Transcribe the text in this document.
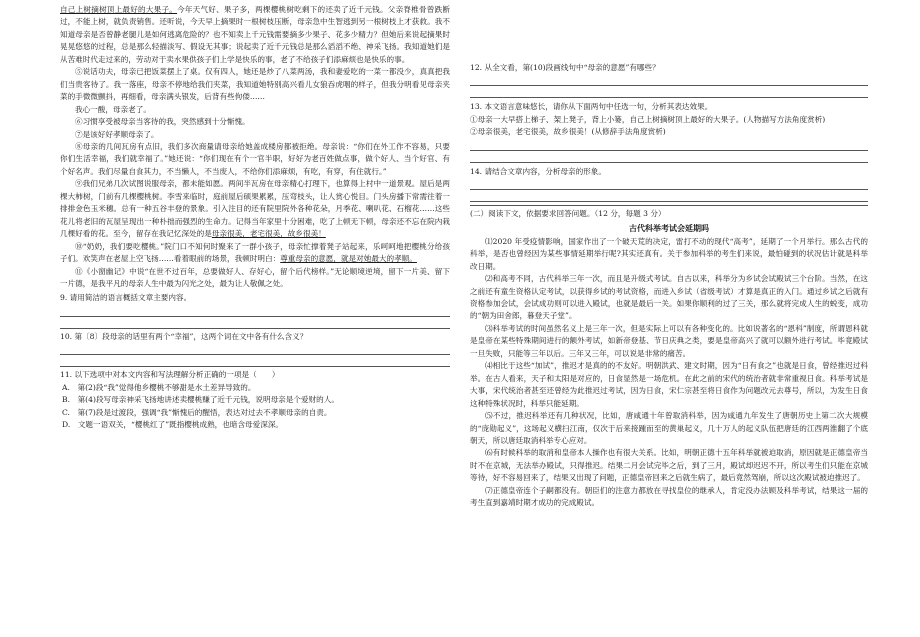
自己上树摘树顶上最好的大果子。今年天气好、果子多，两棵樱桃树吃剩下的还卖了近千元钱。父亲脊椎骨曾跌断过，不能上树，就负责销售。还听说，今天早上摘果时一根树枝压断，母亲急中生智逃到另一根树枝上才获救。我不知道母亲是否曾静老腿儿是如何逃离危险的？也不知卖上千元钱需要摘多少果子、花多少精力？但她后来说起摘果时晃晃悠悠的过程，总是那么轻描淡写、假设无其事；说起卖了近千元钱总是那么滔滔不绝、神采飞扬。我知道她们是从苦难时代走过来的，劳动对于卖水果供孩子们上学是快乐的事，老了不给孩子们添麻烦也是快乐的事。

⑤说话功夫，母亲已把饭菜摆上了桌。仅有四人，她还是炒了八菜两汤，我和妻爱吃的一菜一都没少，真真把我们当贵客待了。我一落座，母亲不停地给我们夹菜，我知道她特别高兴看儿女狼吞虎咽的样子，但我分明看见母亲夹菜的手微微颤抖，再细看，母亲满头银发，后背有些佝偻……

我心一酸，母亲老了。

⑥习惯享受被母亲当客待的我，突然感到十分惭愧。

⑦是该好好孝顺母亲了。

⑧母亲的几间瓦房有点旧，我们多次商量请母亲给她盖成楼房都被拒绝。母亲说：“你们在外工作不容易，只要你们生活幸福，我们就幸福了。”她还说：“你们现在有个一官半职，好好为老百姓做点事，做个好人、当个好官、有个好名声。我们尽量自食其力，不当懒人，不当废人，不给你们添麻烦，有吃，有穿，有住就行。”

⑨我们兄弟几次试图说服母亲，都未能如愿。两间半瓦房在母亲精心打理下，也算得上村中一道景观。屋后是两棵大柿树，门前有几棵樱桃树。李雪来临时，庭前屋后硕果累累，压弯枝头，让人赏心悦目。门头房播下常需往着一排排金色玉米穗。总有一种五谷丰登的景象。引入注目的还有院里院外各种花朵，月季花、喇叭花、石榴花……这些花儿将老旧的瓦屋呈现出一种朴拙而强烈的生命力。记得当年家里十分困难，吃了上顿无下顿，母亲还不忘在院内栽几棵好看的花。至今，留存在我记忆深处的是母亲很美，老宅很美，故乡很美！

⑩“奶奶，我们要吃樱桃。”院门口不知何时聚来了一群小孩子，母亲忙撑着凳子站起来，乐呵呵地把樱桃分给孩子们。欢笑声在老屋上空飞扬……看着眼前的场景，我顿时明白：尊重母亲的意愿，就是对她最大的孝顺。

⑪《小窗幽记》中说“在世不过百年，总要做好人、存好心，留个后代榜样。”无论顺境逆境，留下一片美、留下一片德，是我平凡的母亲人生中最为闪光之处，最为让人敬佩之处。

9. 请用简洁的语言概括文章主要内容。

10. 第〔8〕段母亲的话里有两个“幸福”，这两个词在文中各有什么含义？

11. 以下选项中对本文内容和写法理解分析正确的一项是（　　）

A.　第(2)段“我”觉得他乡樱桃不够甜是水土差异导致的。

B.　第(4)段写母亲神采飞扬地讲述卖樱桃赚了近千元钱，说明母亲是个爱财的人。

C.　第(7)段是过渡段，强调“我”惭愧后的醒悟，表达对过去不孝顺母亲的自责。

D.　文题一语双关，“樱桃红了”既指樱桃成熟，也暗含母爱深深。

12. 从全文看，第(10)段画线句中“母亲的意愿”有哪些？

13. 本文语言意味悠长，请你从下面两句中任选一句，分析其表达效果。

①母亲一大早搭上梯子、架上凳子，背上小篓，自己上树摘树顶上最好的大果子。(人物描写方法角度赏析)

②母亲很美，老宅很美，故乡很美！(从修辞手法角度赏析)

14. 请结合文章内容，分析母亲的形象。

(二）阅读下文，依据要求回答问题。（12 分，每题 3 分）

古代科举考试会延期吗

⑴2020 年受疫情影响，国家作出了一个破天荒的决定，雷打不动的现代“高考”，延期了一个月举行。那么古代的科举，是否也曾经因为某些事情延期举行呢?其实还真有。关于参加科举的考生们来说，最怕碰到的状况估计就是科举改日期。

⑵和高考不同，古代科举三年一次，而且是升级式考试。自古以来，科举分为乡试会试殿试三个台阶。当然，在这之前还有童生资格认定考试，以获得乡试的考试资格，而进入乡试（省级考试）才算是真正的入门。通过乡试之后就有资格参加会试，会试成功则可以进入殿试，也就是最后一关。如果你顺利的过了三关，那么就将完成人生的蜕变，成功的“朝为田舍郎，暮登天子堂”。

⑶科举考试的时间虽然名义上是三年一次，但是实际上可以有各种变化的。比如说著名的“恩科”制度，所谓恩科就是皇帝在某些特殊期间进行的额外考试，如新帝登基、节日庆典之类，要是皇帝高兴了就可以额外进行考试。毕竟殿试一旦失败，只能等三年以后。三年又三年，可以说是非常的痛苦。

⑷相比于这些“加试”，推迟才是真的的不友好。明朝洪武、建文时期，因为“日有食之”也就是日食，曾经推迟过科举。在古人看来，天子和太阳是对应的，日食显然是一场危机。在此之前的宋代的统治者就非常重视日食。科举考试是大事，宋代统治者甚至还曾经为此推迟过考试，因为日食，宋仁宗甚至将日食作为问题改元去尊号，所以，为发生日食这种特殊状况时，科举只能延期。

⑸不过，推迟科举还有几种状况，比如，唐咸通十年曾取消科举，因为咸通九年发生了唐朝历史上第二次大规模的“庞勋起义”，这场起义横扫江南，仅次于后来接踵而至的黄巢起义，几十万人的起义队伍把唐廷的江西两淮翻了个底朝天，所以唐廷取消科举专心应对。

⑹有时候科举的取消和皇帝本人操作也有很大关系。比如，明朝正德十五年科举就被迫取消，原因就是正德皇帝当时不在京城，无法举办殿试，只得推迟。结果二月会试完毕之后，到了三月，殿试却迟迟不开，所以考生们只能在京城等待，好不容易回来了，结果又出现了问题，正德皇帝回来之后就生病了，最后竟然驾崩，所以这次殿试被迫推迟了。

⑺正德皇帝连个子嗣都没有。朝臣们的注意力都放在寻找皇位的继承人，肯定没办法顾及科举考试，结果这一届的考生直到嘉靖时期才成功的完成殿试。
